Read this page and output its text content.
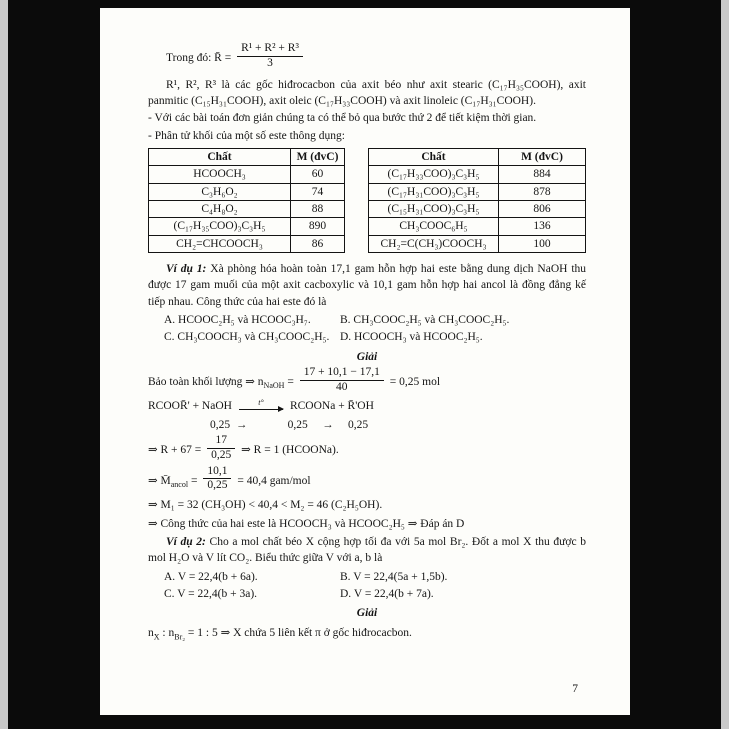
Trong đó: R̄ = $\frac{\text{R¹ + R² + R³}}{3}$

R¹, R², R³ là các gốc hiđrocacbon của axit béo như axit stearic (C₁₇H₃₅COOH), axit panmitic (C₁₅H₃₁COOH), axit oleic (C₁₇H₃₃COOH) và axit linoleic (C₁₇H₃₁COOH).

- Với các bài toán đơn giản chúng ta có thể bỏ qua bước thứ 2 để tiết kiệm thời gian.
- Phân tử khối của một số este thông dụng:
Chất	M (đvC)
HCOOCH₃	60
C₃H₆O₂	74
C₄H₈O₂	88
(C₁₇H₃₅COO)₃C₃H₅	890
CH₂=CHCOOCH₃	86
Chất	M (đvC)
(C₁₇H₃₃COO)₃C₃H₅	884
(C₁₇H₃₁COO)₃C₃H₅	878
(C₁₅H₃₁COO)₃C₃H₅	806
CH₃COOC₆H₅	136
CH₂=C(CH₃)COOCH₃	100

Ví dụ 1: Xà phòng hóa hoàn toàn 17,1 gam hỗn hợp hai este bằng dung dịch NaOH thu được 17 gam muối của một axit cacboxylic và 10,1 gam hỗn hợp hai ancol là đồng đẳng kế tiếp nhau. Công thức của hai este đó là

A. HCOOC₂H₅ và HCOOC₃H₇.	B. CH₃COOC₂H₅ và CH₃COOC₂H₅.
C. CH₃COOCH₃ và CH₃COOC₂H₅. D. HCOOCH₃ và HCOOC₂H₅.
Giải
Bảo toàn khối lượng ⇒ $n_{NaOH} = \frac{17 + 10,1 - 17,1}{40} = 0,25$ mol
RCOOR̄' + NaOH	t° RCOONa + R̄'OH
0,25  →              0,25     →     0,25
⇒ $R + 67 = \frac{17}{0,25}$ ⇒ R = 1 (HCOONa).
⇒ $M̄_{ancol} = \frac{10,1}{0,25} = 40,4$ gam/mol
⇒ M₁ = 32 (CH₃OH) < 40,4 < M₂ = 46 (C₂H₅OH).
⇒ Công thức của hai este là HCOOCH₃ và HCOOC₂H₅ ⇒ Đáp án D

Ví dụ 2: Cho a mol chất béo X cộng hợp tối đa với 5a mol Br₂. Đốt a mol X thu được b mol H₂O và V lít CO₂. Biểu thức giữa V với a, b là

A. V = 22,4(b + 6a).	B. V = 22,4(5a + 1,5b).
C. V = 22,4(b + 3a).	D. V = 22,4(b + 7a).
Giải
$n_X$ : $n_{Br_2} = 1$ : 5 ⇒ X chứa 5 liên kết π ở gốc hiđrocacbon.
7
